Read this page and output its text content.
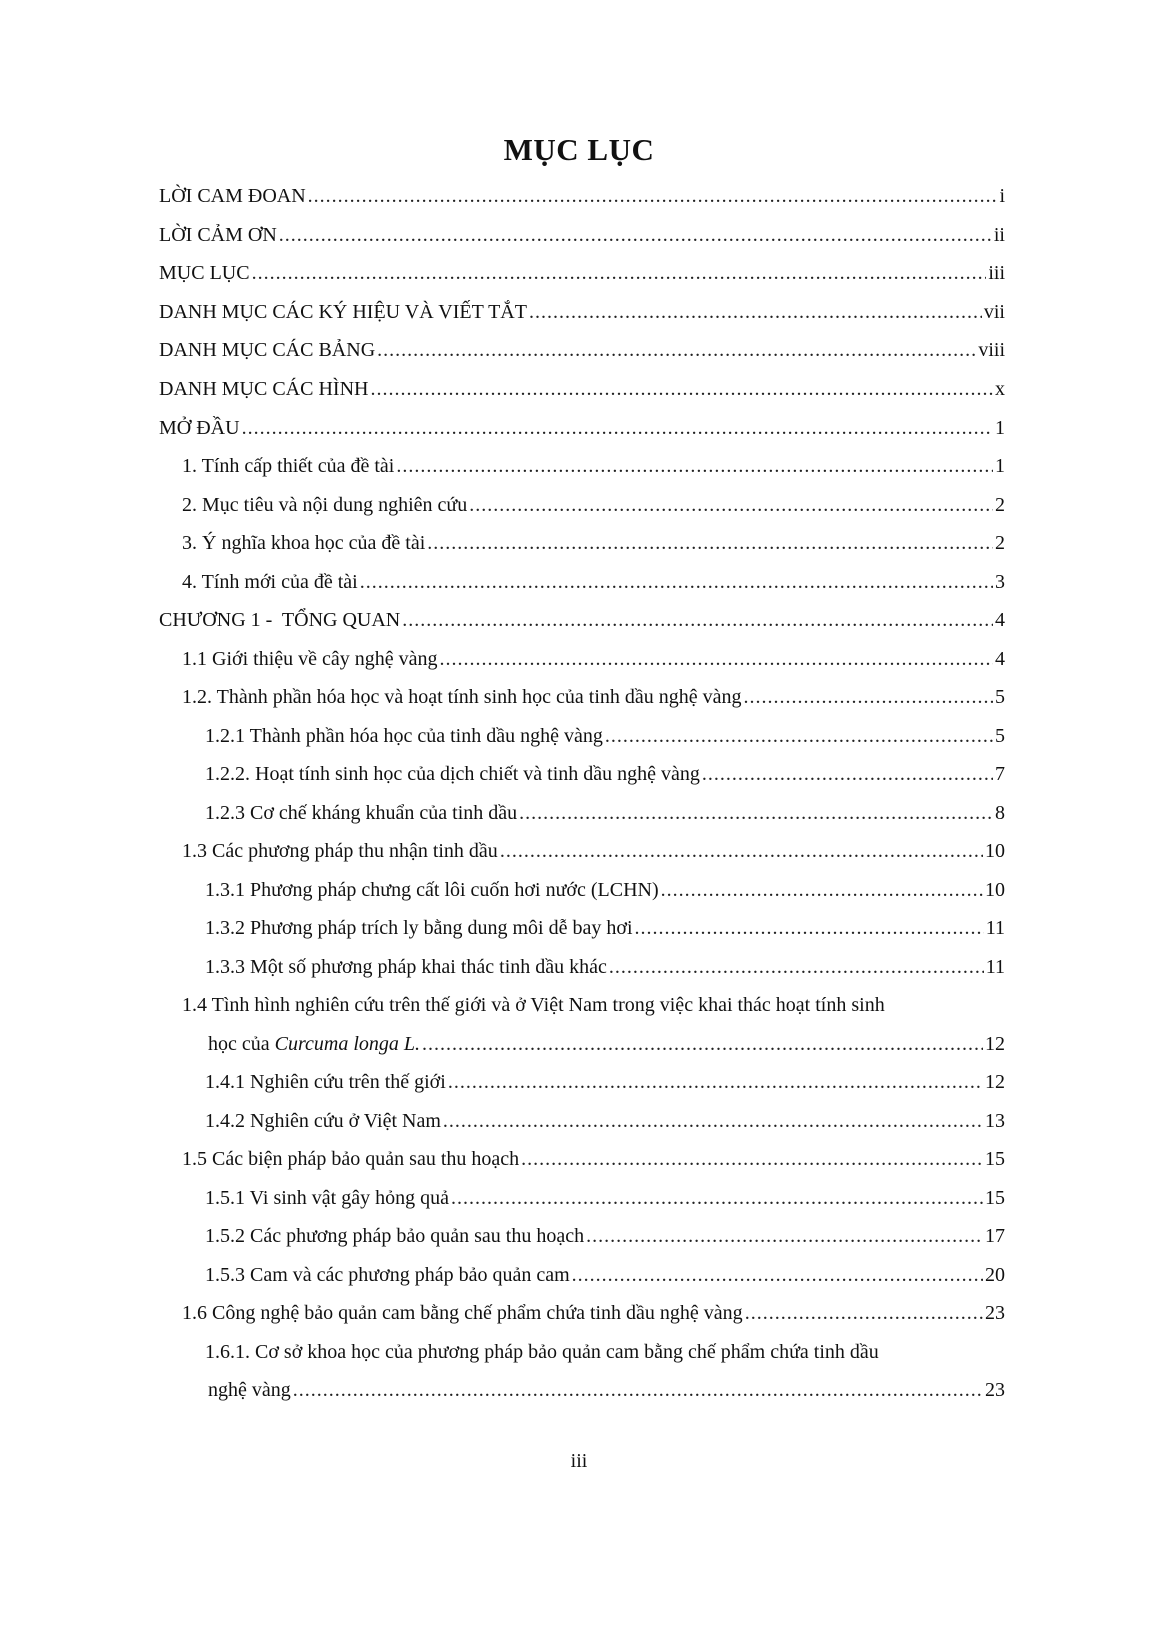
MỤC LỤC
LỜI CAM ĐOAN .....	i
LỜI CẢM ƠN .....	ii
MỤC LỤC .....	iii
DANH MỤC CÁC KÝ HIỆU VÀ VIẾT TẮT .....	vii
DANH MỤC CÁC BẢNG .....	viii
DANH MỤC CÁC HÌNH .....	x
MỞ ĐẦU .....	1
1. Tính cấp thiết của đề tài .....	1
2. Mục tiêu và nội dung nghiên cứu .....	2
3. Ý nghĩa khoa học của đề tài .....	2
4. Tính mới của đề tài .....	3
CHƯƠNG 1 -  TỔNG QUAN .....	4
1.1 Giới thiệu về cây nghệ vàng .....	4
1.2. Thành phần hóa học và hoạt tính sinh học của tinh dầu nghệ vàng .....	5
1.2.1 Thành phần hóa học của tinh dầu nghệ vàng .....	5
1.2.2. Hoạt tính sinh học của dịch chiết và tinh dầu nghệ vàng .....	7
1.2.3 Cơ chế kháng khuẩn của tinh dầu .....	8
1.3 Các phương pháp thu nhận tinh dầu .....	10
1.3.1 Phương pháp chưng cất lôi cuốn hơi nước (LCHN) .....	10
1.3.2 Phương pháp trích ly bằng dung môi dễ bay hơi .....	11
1.3.3 Một số phương pháp khai thác tinh dầu khác .....	11
1.4 Tình hình nghiên cứu trên thế giới và ở Việt Nam trong việc khai thác hoạt tính sinh
học của Curcuma longa L. .....	12
1.4.1 Nghiên cứu trên thế giới .....	12
1.4.2 Nghiên cứu ở Việt Nam .....	13
1.5 Các biện pháp bảo quản sau thu hoạch .....	15
1.5.1 Vi sinh vật gây hỏng quả .....	15
1.5.2 Các phương pháp bảo quản sau thu hoạch .....	17
1.5.3 Cam và các phương pháp bảo quản cam .....	20
1.6 Công nghệ bảo quản cam bằng chế phẩm chứa tinh dầu nghệ vàng .....	23
1.6.1. Cơ sở khoa học của phương pháp bảo quản cam bằng chế phẩm chứa tinh dầu
nghệ vàng .....	23
iii
